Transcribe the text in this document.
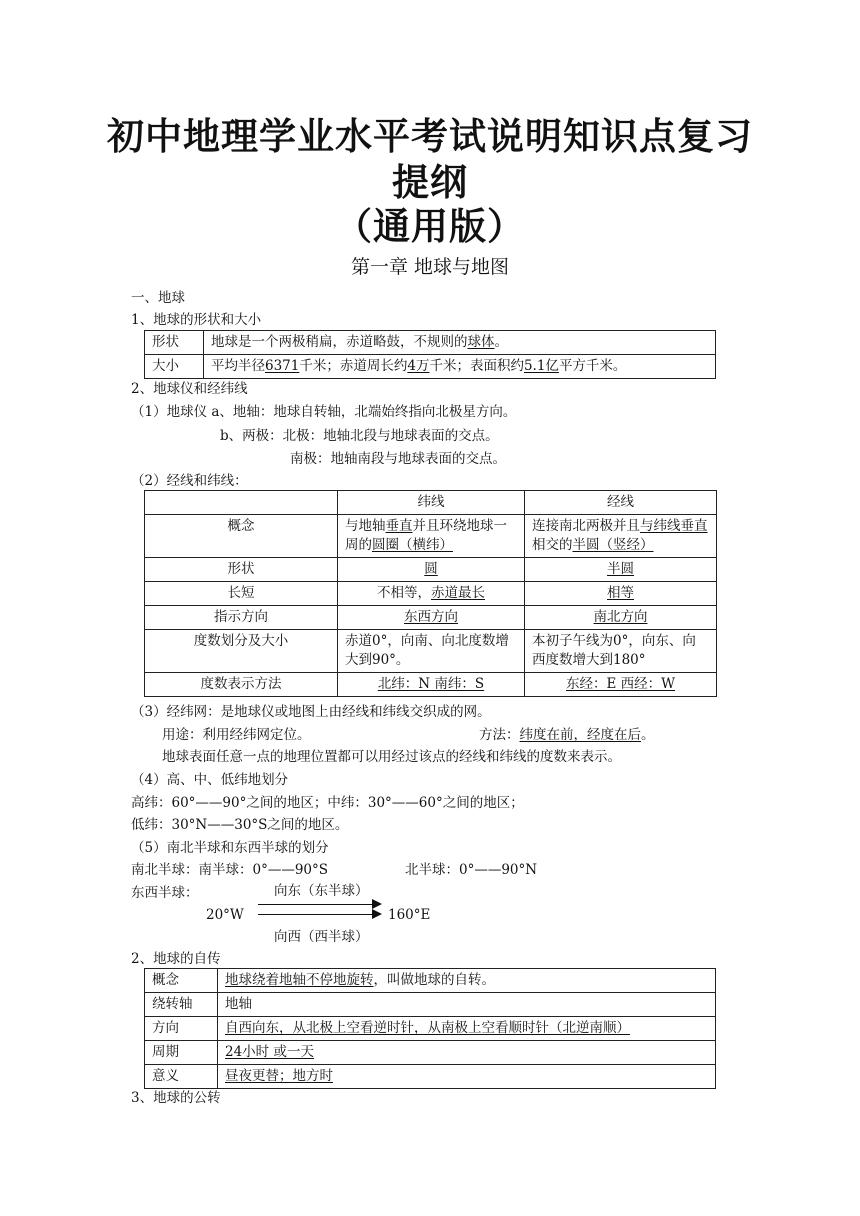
初中地理学业水平考试说明知识点复习
提纲
（通用版）
第一章 地球与地图
一、地球
1、地球的形状和大小
形状	地球是一个两极稍扁，赤道略鼓，不规则的球体。
大小	平均半径6371千米；赤道周长约4万千米；表面积约5.1亿平方千米。
2、地球仪和经纬线
（1）地球仪 a、地轴：地球自转轴，北端始终指向北极星方向。
b、两极：北极：地轴北段与地球表面的交点。
南极：地轴南段与地球表面的交点。
（2）经线和纬线：
	纬线	经线
概念	与地轴垂直并且环绕地球一周的圆圈（横纬）	连接南北两极并且与纬线垂直相交的半圆（竖经）
形状	圆	半圆
长短	不相等，赤道最长	相等
指示方向	东西方向	南北方向
度数划分及大小	赤道0°，向南、向北度数增大到90°。	本初子午线为0°，向东、向西度数增大到180°
度数表示方法	北纬：N 南纬：S	东经：E 西经：W
（3）经纬网：是地球仪或地图上由经线和纬线交织成的网。
用途：利用经纬网定位。	方法：纬度在前，经度在后。
地球表面任意一点的地理位置都可以用经过该点的经线和纬线的度数来表示。
（4）高、中、低纬地划分
高纬：60°——90°之间的地区；中纬：30°——60°之间的地区；
低纬：30°N——30°S之间的地区。
（5）南北半球和东西半球的划分
南北半球：南半球：0°——90°S	北半球：0°——90°N
东西半球：	向东（东半球）
20°W	160°E
向西（西半球）
2、地球的自传
概念	地球绕着地轴不停地旋转，叫做地球的自转。
绕转轴	地轴
方向	自西向东，从北极上空看逆时针，从南极上空看顺时针（北逆南顺）
周期	24小时 或一天
意义	昼夜更替；地方时
3、地球的公转
